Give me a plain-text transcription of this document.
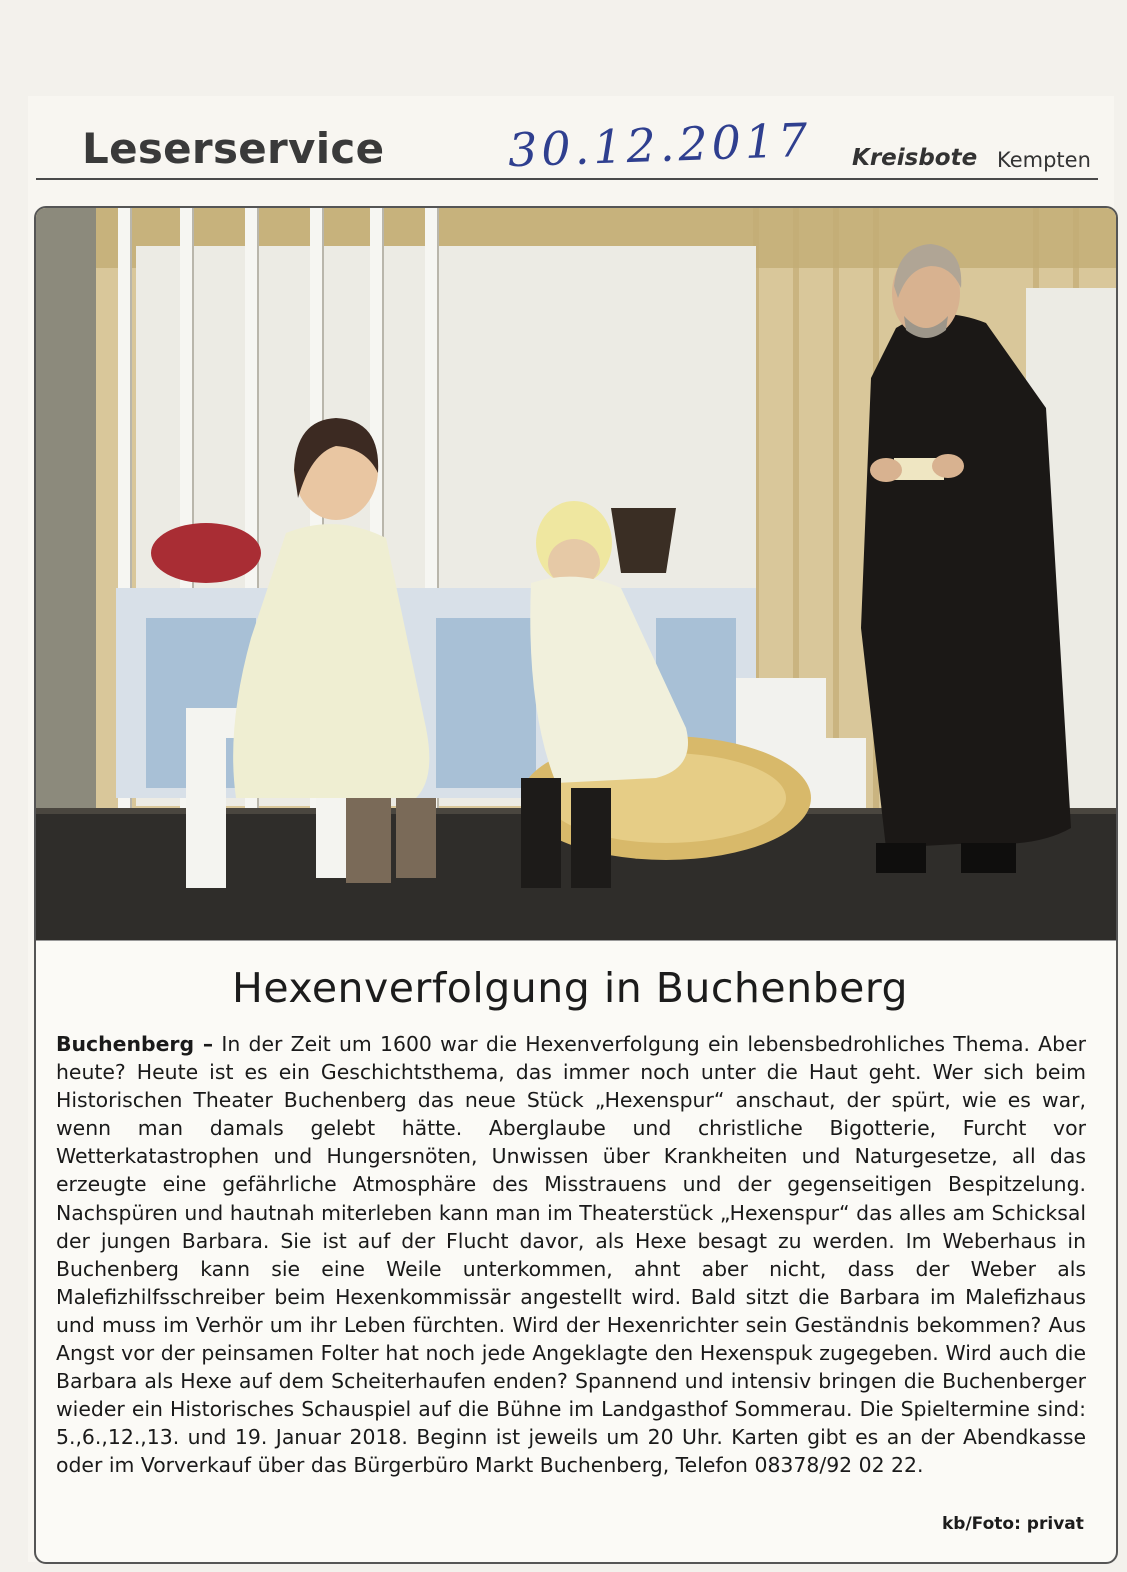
Leserservice	30.12.2017 Kreisbote Kempten
Hexenverfolgung in Buchenberg
Buchenberg – In der Zeit um 1600 war die Hexenverfolgung ein lebensbedrohliches Thema. Aber heute? Heute ist es ein Geschichtsthema, das immer noch unter die Haut geht. Wer sich beim Historischen Theater Buchenberg das neue Stück „Hexenspur“ anschaut, der spürt, wie es war, wenn man damals gelebt hätte. Aberglaube und christliche Bigotterie, Furcht vor Wetterkatastrophen und Hungersnöten, Unwissen über Krankheiten und Naturgesetze, all das erzeugte eine gefährliche Atmosphäre des Misstrauens und der gegenseitigen Bespitzelung. Nachspüren und hautnah miterleben kann man im Theaterstück „Hexenspur“ das alles am Schicksal der jungen Barbara. Sie ist auf der Flucht davor, als Hexe besagt zu werden. Im Weberhaus in Buchenberg kann sie eine Weile unterkommen, ahnt aber nicht, dass der Weber als Malefizhilfsschreiber beim Hexenkommissär angestellt wird. Bald sitzt die Barbara im Malefizhaus und muss im Verhör um ihr Leben fürchten. Wird der Hexenrichter sein Geständnis bekommen? Aus Angst vor der peinsamen Folter hat noch jede Angeklagte den Hexenspuk zugegeben. Wird auch die Barbara als Hexe auf dem Scheiterhaufen enden? Spannend und intensiv bringen die Buchenberger wieder ein Historisches Schauspiel auf die Bühne im Landgasthof Sommerau. Die Spieltermine sind: 5.,6.,12.,13. und 19. Januar 2018. Beginn ist jeweils um 20 Uhr. Karten gibt es an der Abendkasse oder im Vorverkauf über das Bürgerbüro Markt Buchenberg, Telefon 08378/92 02 22.
kb/Foto: privat
